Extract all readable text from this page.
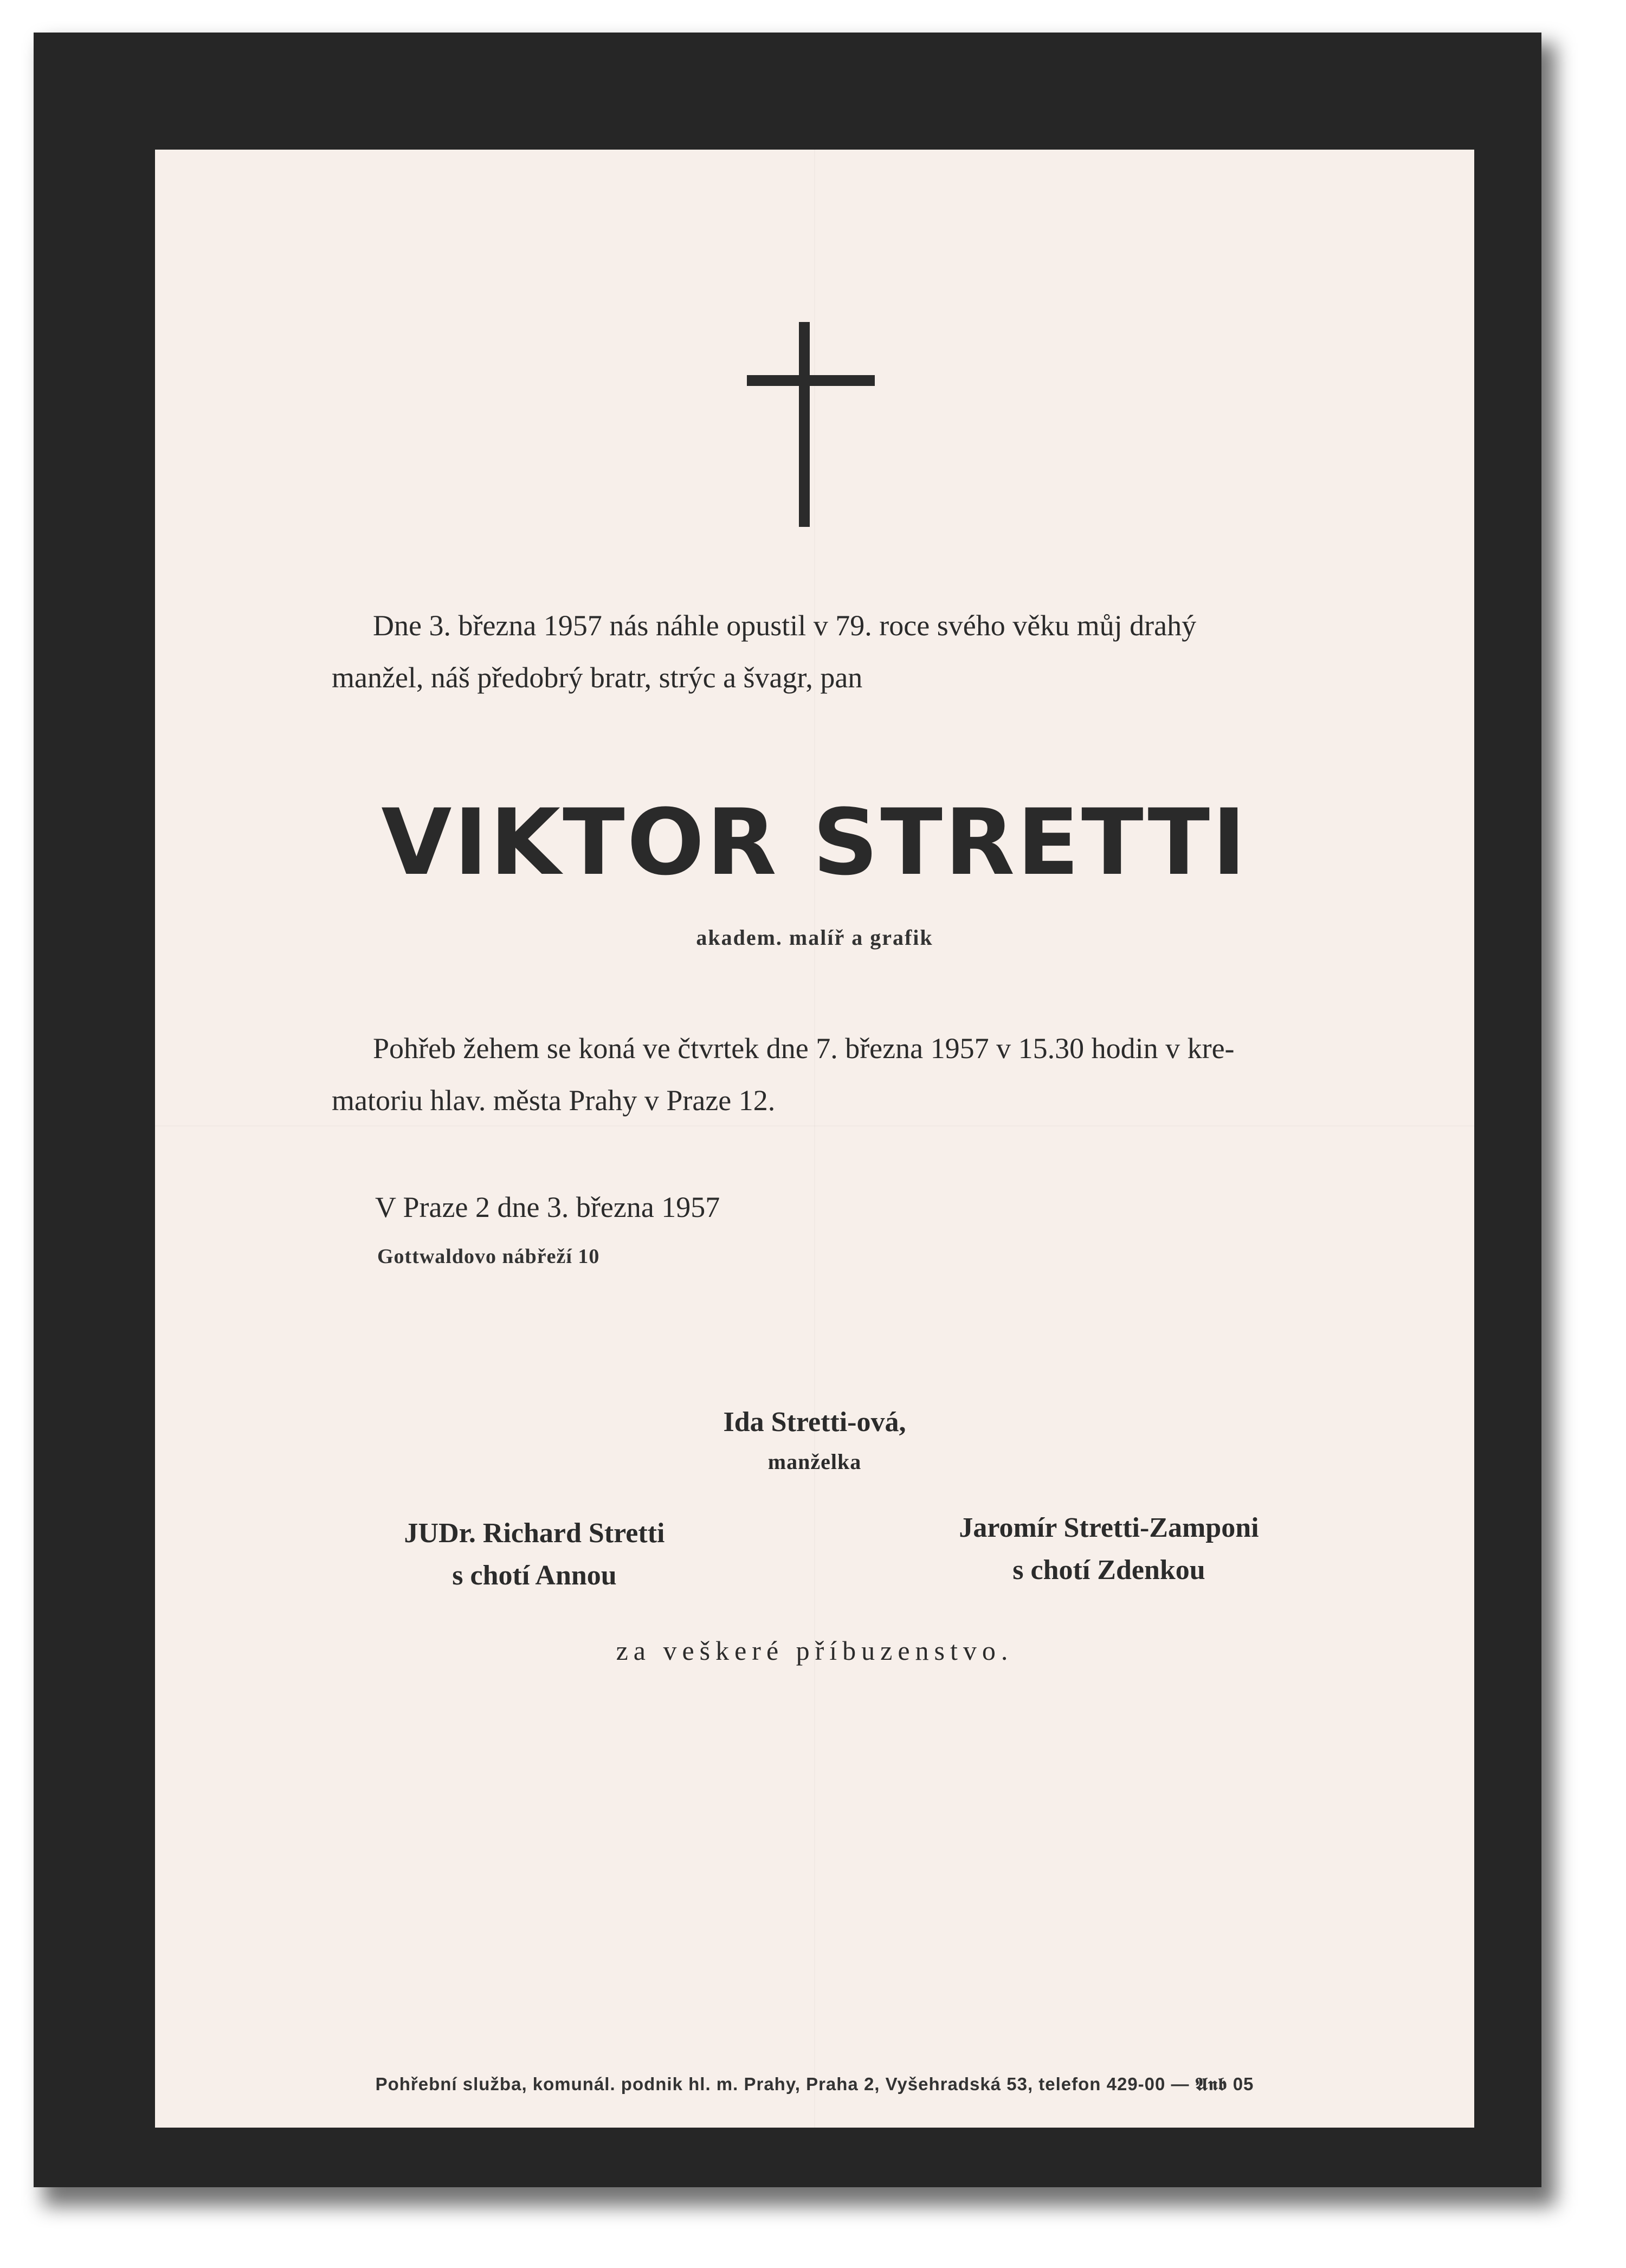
Dne 3. března 1957 nás náhle opustil v 79. roce svého věku můj drahý
manžel, náš předobrý bratr, strýc a švagr, pan

VIKTOR STRETTI
akadem. malíř a grafik

Pohřeb žehem se koná ve čtvrtek dne 7. března 1957 v 15.30 hodin v kre-
matoriu hlav. města Prahy v Praze 12.

V Praze 2 dne 3. března 1957
Gottwaldovo nábřeží 10
Ida Stretti-ová,
manželka
JUDr. Richard Stretti
s chotí Annou
Jaromír Stretti-Zamponi
s chotí Zdenkou
za veškeré příbuzenstvo.
Pohřební služba, komunál. podnik hl. m. Prahy, Praha 2, Vyšehradská 53, telefon 429-00 — 𝕬𝖓𝖇 05
